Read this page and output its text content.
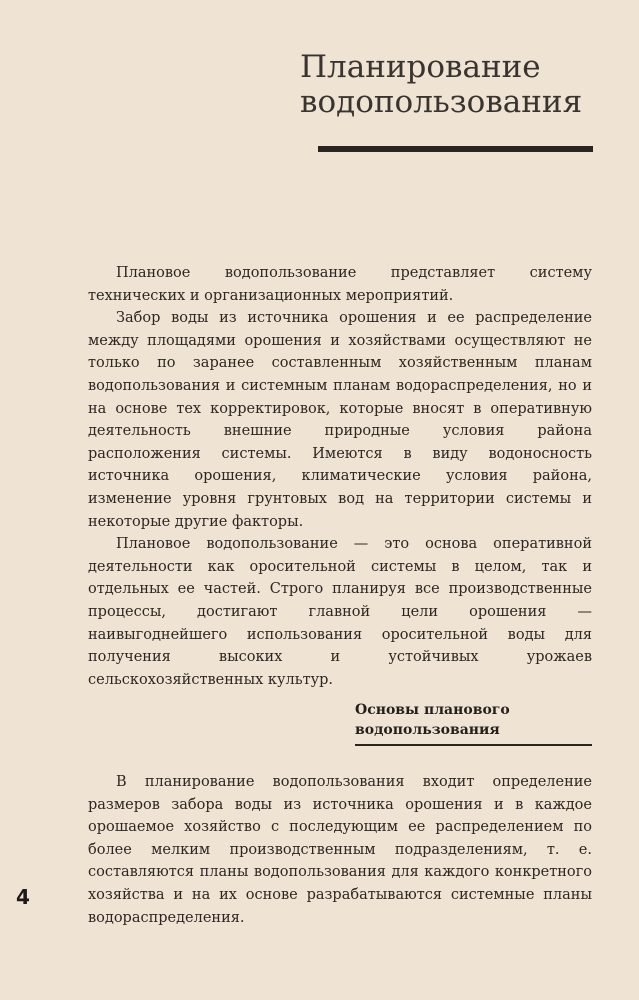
Планирование
водопользования

Плановое водопользование представляет систему технических и организационных мероприятий.

Забор воды из источника орошения и ее распределение между площадями орошения и хозяйствами осуществляют не только по заранее составленным хозяйственным планам водопользования и системным планам водораспределения, но и на основе тех корректировок, которые вносят в оперативную деятельность внешние природные условия района расположения системы. Имеются в виду водоносность источника орошения, климатические условия района, изменение уровня грунтовых вод на территории системы и некоторые другие факторы.

Плановое водопользование — это основа оперативной деятельности как оросительной системы в целом, так и отдельных ее частей. Строго планируя все производственные процессы, достигают главной цели орошения — наивыгоднейшего использования оросительной воды для получения высоких и устойчивых урожаев сельскохозяйственных культур.

Основы планового
водопользования

В планирование водопользования входит определение размеров забора воды из источника орошения и в каждое орошаемое хозяйство с последующим ее распределением по более мелким производственным подразделениям, т. е. составляются планы водопользования для каждого конкретного хозяйства и на их основе разрабатываются системные планы водораспределения.

4
